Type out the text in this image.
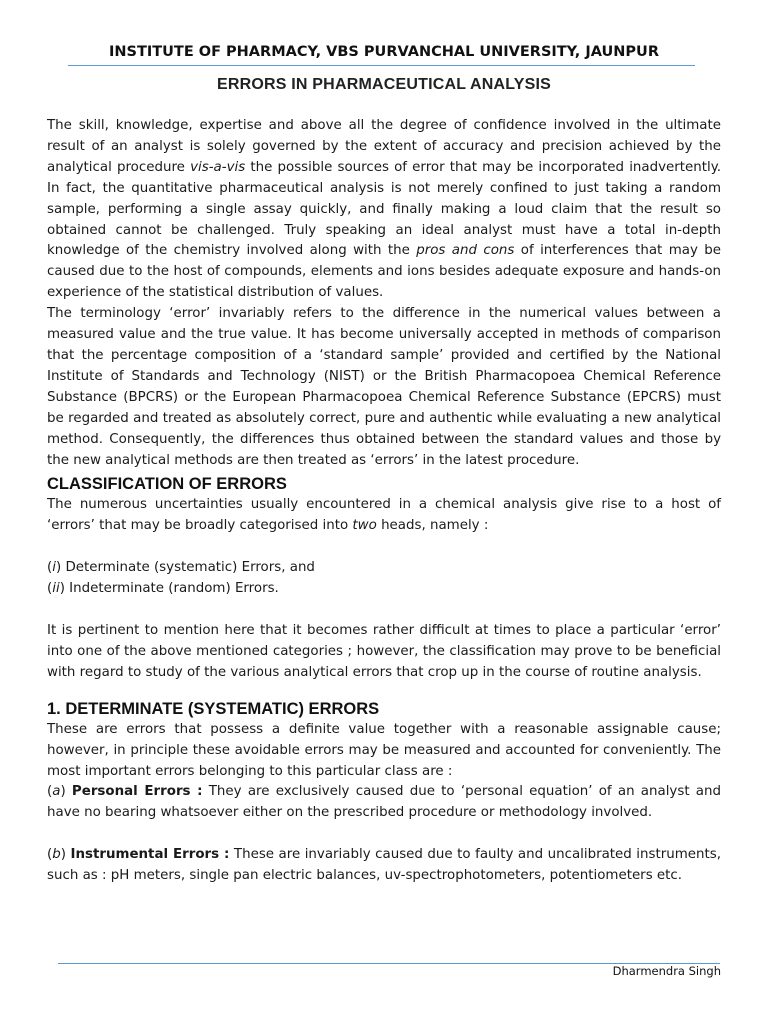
INSTITUTE OF PHARMACY, VBS PURVANCHAL UNIVERSITY, JAUNPUR
ERRORS IN PHARMACEUTICAL ANALYSIS

The skill, knowledge, expertise and above all the degree of confidence involved in the ultimate result of an analyst is solely governed by the extent of accuracy and precision achieved by the analytical procedure vis-a-vis the possible sources of error that may be incorporated inadvertently. In fact, the quantitative pharmaceutical analysis is not merely confined to just taking a random sample, performing a single assay quickly, and finally making a loud claim that the result so obtained cannot be challenged. Truly speaking an ideal analyst must have a total in-depth knowledge of the chemistry involved along with the pros and cons of interferences that may be caused due to the host of compounds, elements and ions besides adequate exposure and hands-on experience of the statistical distribution of values.

The terminology ‘error’ invariably refers to the difference in the numerical values between a measured value and the true value. It has become universally accepted in methods of comparison that the percentage composition of a ‘standard sample’ provided and certified by the National Institute of Standards and Technology (NIST) or the British Pharmacopoea Chemical Reference Substance (BPCRS) or the European Pharmacopoea Chemical Reference Substance (EPCRS) must be regarded and treated as absolutely correct, pure and authentic while evaluating a new analytical method. Consequently, the differences thus obtained between the standard values and those by the new analytical methods are then treated as ‘errors’ in the latest procedure.

CLASSIFICATION OF ERRORS

The numerous uncertainties usually encountered in a chemical analysis give rise to a host of ‘errors’ that may be broadly categorised into two heads, namely :

(i) Determinate (systematic) Errors, and

(ii) Indeterminate (random) Errors.

It is pertinent to mention here that it becomes rather difficult at times to place a particular ‘error’ into one of the above mentioned categories ; however, the classification may prove to be beneficial with regard to study of the various analytical errors that crop up in the course of routine analysis.

1. DETERMINATE (SYSTEMATIC) ERRORS

These are errors that possess a definite value together with a reasonable assignable cause; however, in principle these avoidable errors may be measured and accounted for conveniently. The most important errors belonging to this particular class are :

(a) Personal Errors : They are exclusively caused due to ‘personal equation’ of an analyst and have no bearing whatsoever either on the prescribed procedure or methodology involved.

(b) Instrumental Errors : These are invariably caused due to faulty and uncalibrated instruments, such as : pH meters, single pan electric balances, uv-spectrophotometers, potentiometers etc.

Dharmendra Singh
